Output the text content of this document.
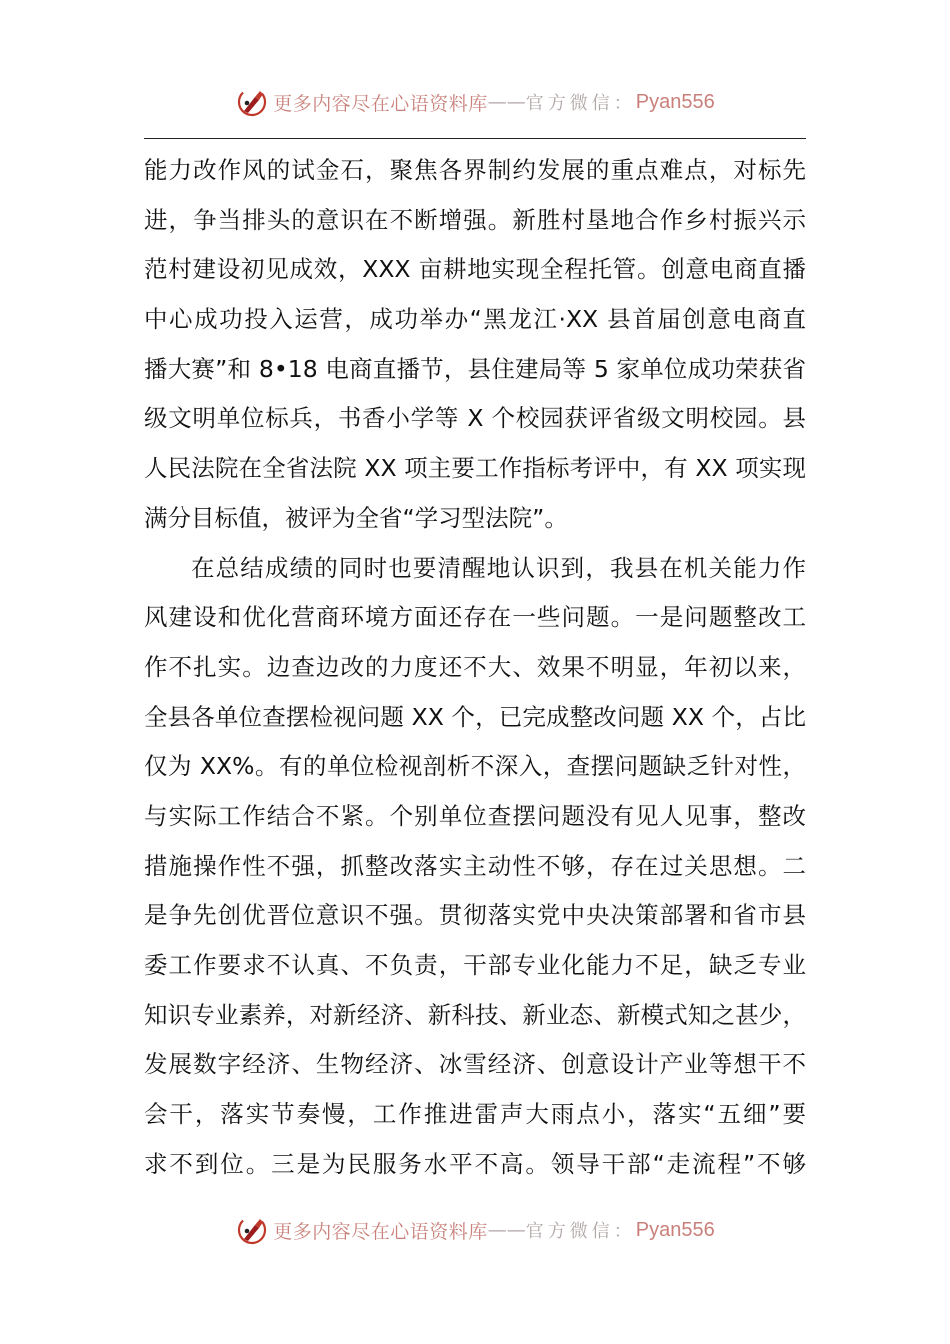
更多内容尽在心语资料库 —— 官方微信： Pyan556
能力改作风的试金石，聚焦各界制约发展的重点难点，对标先
进，争当排头的意识在不断增强。新胜村垦地合作乡村振兴示
范村建设初见成效，XXX 亩耕地实现全程托管。创意电商直播
中心成功投入运营，成功举办“黑龙江·XX 县首届创意电商直
播大赛”和 8•18 电商直播节，县住建局等 5 家单位成功荣获省
级文明单位标兵，书香小学等 X 个校园获评省级文明校园。县
人民法院在全省法院 XX 项主要工作指标考评中，有 XX 项实现
满分目标值，被评为全省“学习型法院”。
在总结成绩的同时也要清醒地认识到，我县在机关能力作
风建设和优化营商环境方面还存在一些问题。一是问题整改工
作不扎实。边查边改的力度还不大、效果不明显，年初以来，
全县各单位查摆检视问题 XX 个，已完成整改问题 XX 个，占比
仅为 XX%。有的单位检视剖析不深入，查摆问题缺乏针对性，
与实际工作结合不紧。个别单位查摆问题没有见人见事，整改
措施操作性不强，抓整改落实主动性不够，存在过关思想。二
是争先创优晋位意识不强。贯彻落实党中央决策部署和省市县
委工作要求不认真、不负责，干部专业化能力不足，缺乏专业
知识专业素养，对新经济、新科技、新业态、新模式知之甚少，
发展数字经济、生物经济、冰雪经济、创意设计产业等想干不
会干，落实节奏慢，工作推进雷声大雨点小，落实“五细”要
求不到位。三是为民服务水平不高。领导干部“走流程”不够
更多内容尽在心语资料库 —— 官方微信： Pyan556
